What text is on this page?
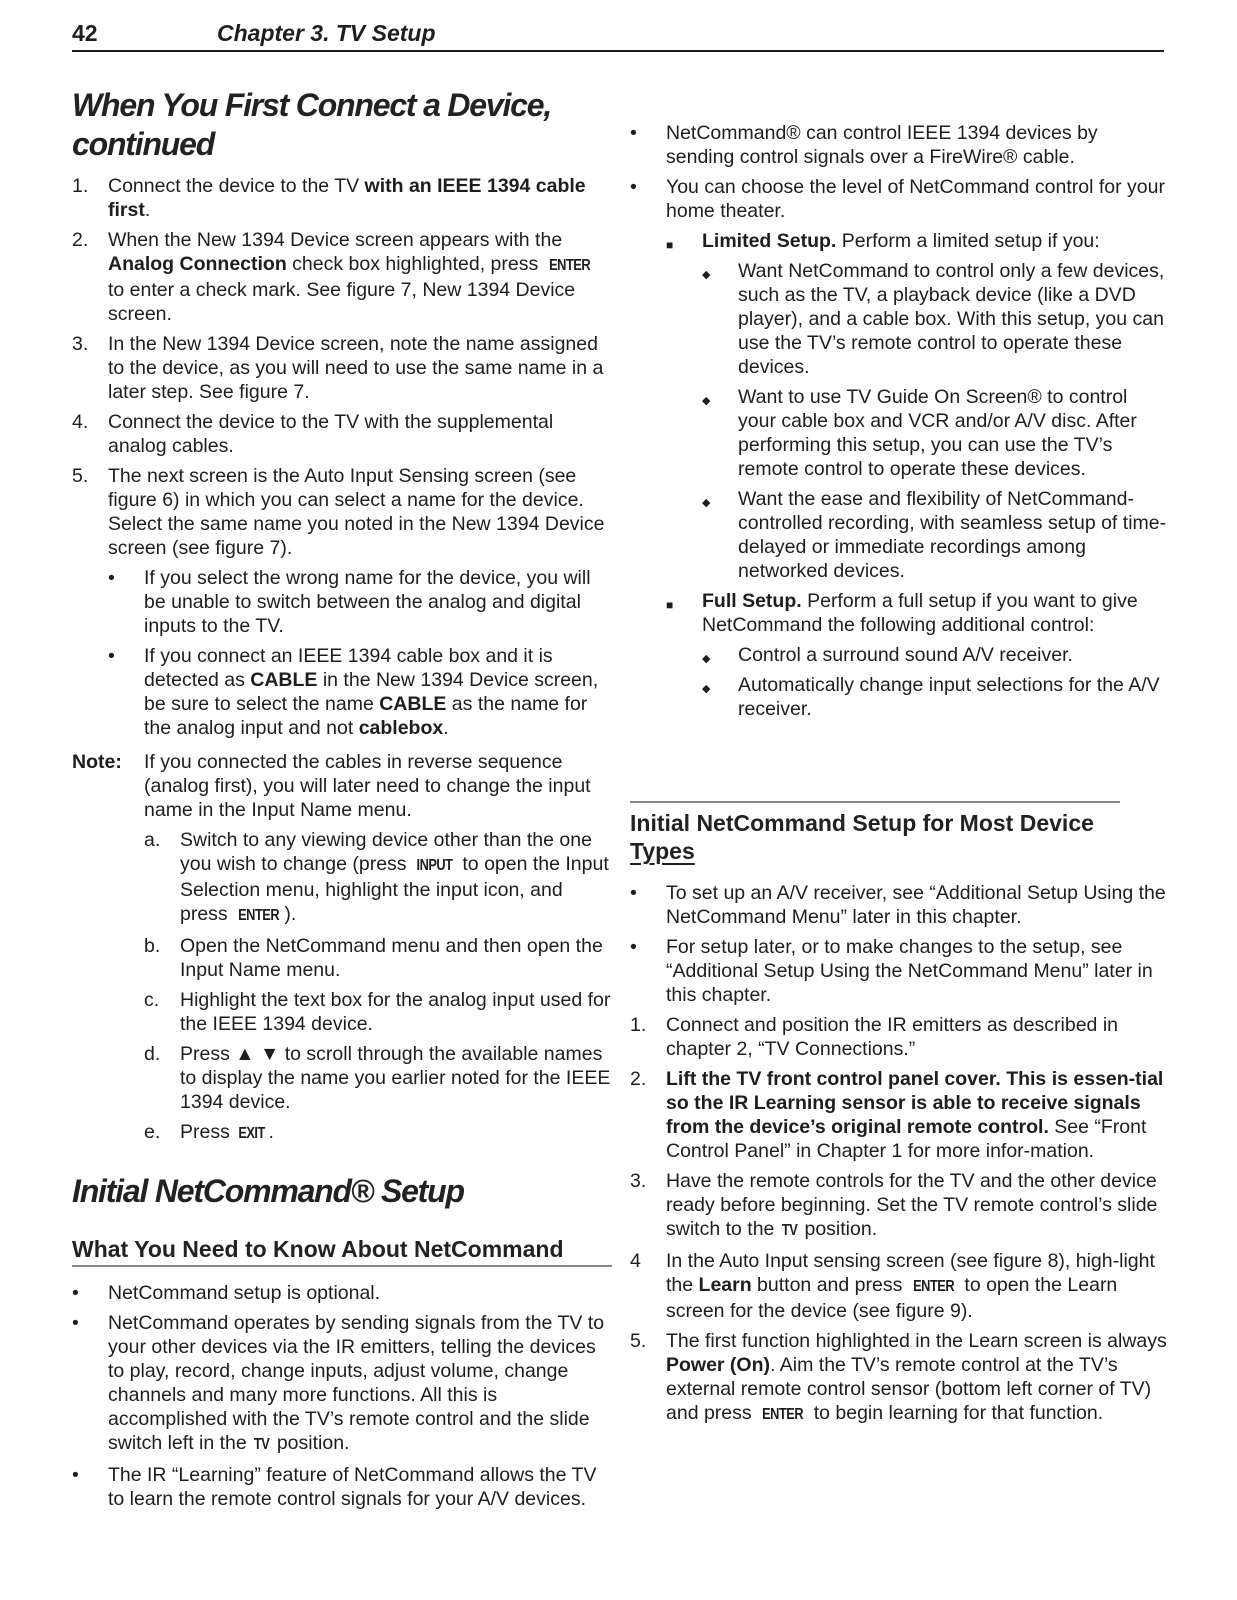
42	Chapter 3. TV Setup
When You First Connect a Device,
continued
1. Connect the device to the TV with an IEEE 1394 cable first.
2. When the New 1394 Device screen appears with the Analog Connection check box highlighted, press ENTER to enter a check mark. See figure 7, New 1394 Device screen.
3. In the New 1394 Device screen, note the name assigned to the device, as you will need to use the same name in a later step. See figure 7.
4. Connect the device to the TV with the supplemental analog cables.
5. The next screen is the Auto Input Sensing screen (see figure 6) in which you can select a name for the device. Select the same name you noted in the New 1394 Device screen (see figure 7).
• If you select the wrong name for the device, you will be unable to switch between the analog and digital inputs to the TV.
• If you connect an IEEE 1394 cable box and it is detected as CABLE in the New 1394 Device screen, be sure to select the name CABLE as the name for the analog input and not cablebox.
Note: If you connected the cables in reverse sequence (analog first), you will later need to change the input name in the Input Name menu.
a. Switch to any viewing device other than the one you wish to change (press INPUT to open the Input Selection menu, highlight the input icon, and press ENTER ).
b. Open the NetCommand menu and then open the Input Name menu.
c. Highlight the text box for the analog input used for the IEEE 1394 device.
d. Press ▲ ▼ to scroll through the available names to display the name you earlier noted for the IEEE 1394 device.
e. Press EXIT .
Initial NetCommand® Setup
What You Need to Know About NetCommand
• NetCommand setup is optional.
• NetCommand operates by sending signals from the TV to your other devices via the IR emitters, telling the devices to play, record, change inputs, adjust volume, change channels and many more functions. All this is accomplished with the TV’s remote control and the slide switch left in the TV position.
• The IR “Learning” feature of NetCommand allows the TV to learn the remote control signals for your A/V devices.
• NetCommand® can control IEEE 1394 devices by sending control signals over a FireWire® cable.
• You can choose the level of NetCommand control for your home theater.
■ Limited Setup. Perform a limited setup if you:
◆ Want NetCommand to control only a few devices, such as the TV, a playback device (like a DVD player), and a cable box. With this setup, you can use the TV’s remote control to operate these devices.
◆ Want to use TV Guide On Screen® to control your cable box and VCR and/or A/V disc. After performing this setup, you can use the TV’s remote control to operate these devices.
◆ Want the ease and flexibility of NetCommand-controlled recording, with seamless setup of time-delayed or immediate recordings among networked devices.
■ Full Setup. Perform a full setup if you want to give NetCommand the following additional control:
◆ Control a surround sound A/V receiver.
◆ Automatically change input selections for the A/V receiver.
Initial NetCommand Setup for Most Device
Types
• To set up an A/V receiver, see “Additional Setup Using the NetCommand Menu” later in this chapter.
• For setup later, or to make changes to the setup, see “Additional Setup Using the NetCommand Menu” later in this chapter.
1. Connect and position the IR emitters as described in chapter 2, “TV Connections.”
2. Lift the TV front control panel cover. This is essen-tial so the IR Learning sensor is able to receive signals from the device’s original remote control. See “Front Control Panel” in Chapter 1 for more infor-mation.
3. Have the remote controls for the TV and the other device ready before beginning. Set the TV remote control’s slide switch to the TV position.
4 In the Auto Input sensing screen (see figure 8), high-light the Learn button and press ENTER to open the Learn screen for the device (see figure 9).
5. The first function highlighted in the Learn screen is always Power (On). Aim the TV’s remote control at the TV’s external remote control sensor (bottom left corner of TV) and press ENTER to begin learning for that function.
